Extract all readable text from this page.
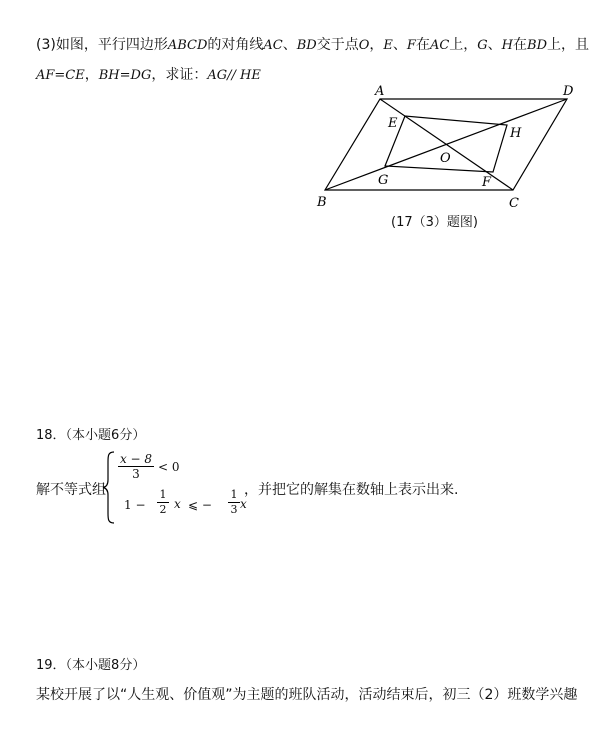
(3)如图，平行四边形ABCD的对角线AC、BD交于点O，E、F在AC上，G、H在BD上，且
AF=CE，BH=DG，求证：AG// HE
A	D
B	C
E
H
O
G	F
(17（3）题图)
18．（本小题6分）
解不等式组
$\frac{x - 8}{3} < 0$
1 −
1
2 x ⩽ −
1
3 x
，并把它的解集在数轴上表示出来.
19．（本小题8分）
某校开展了以“人生观、价值观”为主题的班队活动，活动结束后，初三（2）班数学兴趣
